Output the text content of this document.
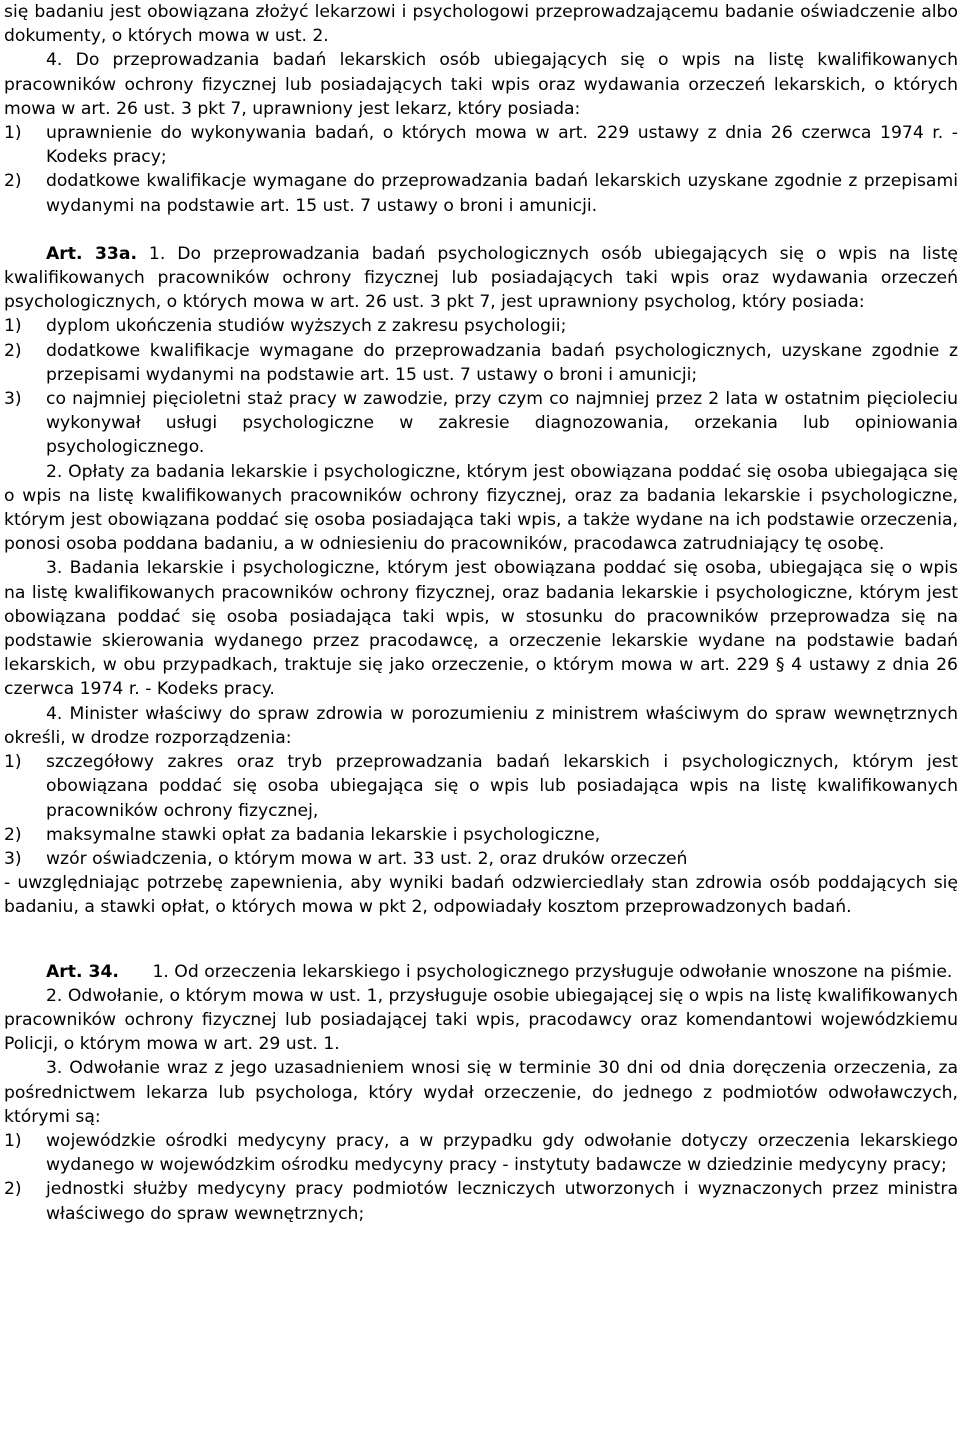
się badaniu jest obowiązana złożyć lekarzowi i psychologowi przeprowadzającemu badanie oświadczenie albo dokumenty, o których mowa w ust. 2.

4. Do przeprowadzania badań lekarskich osób ubiegających się o wpis na listę kwalifikowanych pracowników ochrony fizycznej lub posiadających taki wpis oraz wydawania orzeczeń lekarskich, o których mowa w art. 26 ust. 3 pkt 7, uprawniony jest lekarz, który posiada:

1)	uprawnienie do wykonywania badań, o których mowa w art. 229 ustawy z dnia 26 czerwca 1974 r. - Kodeks pracy;
2)	dodatkowe kwalifikacje wymagane do przeprowadzania badań lekarskich uzyskane zgodnie z przepisami wydanymi na podstawie art. 15 ust. 7 ustawy o broni i amunicji.

Art. 33a. 1. Do przeprowadzania badań psychologicznych osób ubiegających się o wpis na listę kwalifikowanych pracowników ochrony fizycznej lub posiadających taki wpis oraz wydawania orzeczeń psychologicznych, o których mowa w art. 26 ust. 3 pkt 7, jest uprawniony psycholog, który posiada:

1)	dyplom ukończenia studiów wyższych z zakresu psychologii;
2)	dodatkowe kwalifikacje wymagane do przeprowadzania badań psychologicznych, uzyskane zgodnie z przepisami wydanymi na podstawie art. 15 ust. 7 ustawy o broni i amunicji;
3)	co najmniej pięcioletni staż pracy w zawodzie, przy czym co najmniej przez 2 lata w ostatnim pięcioleciu wykonywał usługi psychologiczne w zakresie diagnozowania, orzekania lub opiniowania psychologicznego.

2. Opłaty za badania lekarskie i psychologiczne, którym jest obowiązana poddać się osoba ubiegająca się o wpis na listę kwalifikowanych pracowników ochrony fizycznej, oraz za badania lekarskie i psychologiczne, którym jest obowiązana poddać się osoba posiadająca taki wpis, a także wydane na ich podstawie orzeczenia, ponosi osoba poddana badaniu, a w odniesieniu do pracowników, pracodawca zatrudniający tę osobę.

3. Badania lekarskie i psychologiczne, którym jest obowiązana poddać się osoba, ubiegająca się o wpis na listę kwalifikowanych pracowników ochrony fizycznej, oraz badania lekarskie i psychologiczne, którym jest obowiązana poddać się osoba posiadająca taki wpis, w stosunku do pracowników przeprowadza się na podstawie skierowania wydanego przez pracodawcę, a orzeczenie lekarskie wydane na podstawie badań lekarskich, w obu przypadkach, traktuje się jako orzeczenie, o którym mowa w art. 229 § 4 ustawy z dnia 26 czerwca 1974 r. - Kodeks pracy.

4. Minister właściwy do spraw zdrowia w porozumieniu z ministrem właściwym do spraw wewnętrznych określi, w drodze rozporządzenia:

1)	szczegółowy zakres oraz tryb przeprowadzania badań lekarskich i psychologicznych, którym jest obowiązana poddać się osoba ubiegająca się o wpis lub posiadająca wpis na listę kwalifikowanych pracowników ochrony fizycznej,
2)	maksymalne stawki opłat za badania lekarskie i psychologiczne,
3)	wzór oświadczenia, o którym mowa w art. 33 ust. 2, oraz druków orzeczeń

- uwzględniając potrzebę zapewnienia, aby wyniki badań odzwierciedlały stan zdrowia osób poddających się badaniu, a stawki opłat, o których mowa w pkt 2, odpowiadały kosztom przeprowadzonych badań.

Art. 34. 1. Od orzeczenia lekarskiego i psychologicznego przysługuje odwołanie wnoszone na piśmie.

2. Odwołanie, o którym mowa w ust. 1, przysługuje osobie ubiegającej się o wpis na listę kwalifikowanych pracowników ochrony fizycznej lub posiadającej taki wpis, pracodawcy oraz komendantowi wojewódzkiemu Policji, o którym mowa w art. 29 ust. 1.

3. Odwołanie wraz z jego uzasadnieniem wnosi się w terminie 30 dni od dnia doręczenia orzeczenia, za pośrednictwem lekarza lub psychologa, który wydał orzeczenie, do jednego z podmiotów odwoławczych, którymi są:

1)	wojewódzkie ośrodki medycyny pracy, a w przypadku gdy odwołanie dotyczy orzeczenia lekarskiego wydanego w wojewódzkim ośrodku medycyny pracy - instytuty badawcze w dziedzinie medycyny pracy;
2)	jednostki służby medycyny pracy podmiotów leczniczych utworzonych i wyznaczonych przez ministra właściwego do spraw wewnętrznych;
